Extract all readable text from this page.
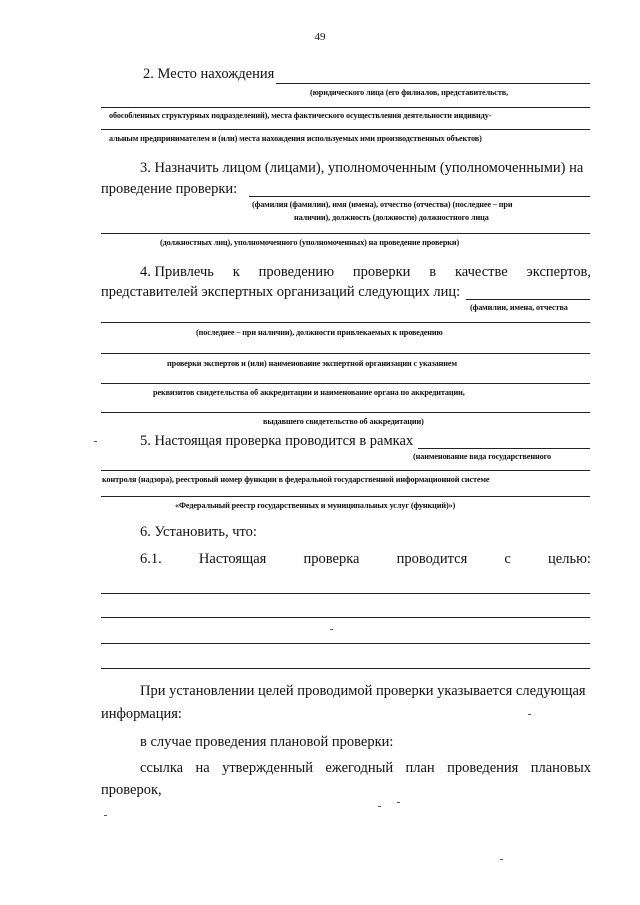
49
2. Место нахождения
(юридического лица (его филиалов, представительств,
обособленных структурных подразделений), места фактического осуществления деятельности индивиду-
альным предпринимателем и (или) места нахождения используемых ими производственных объектов)
3. Назначить лицом (лицами), уполномоченным (уполномоченными) на
проведение проверки:
(фамилия (фамилии), имя (имена), отчество (отчества) (последнее – при
наличии), должность (должности) должностного лица
(должностных лиц), уполномоченного (уполномоченных) на проведение проверки)
4. Привлечь к проведению проверки в качестве экспертов,
представителей экспертных организаций следующих лиц:
(фамилии, имена, отчества
(последнее – при наличии), должности привлекаемых к проведению
проверки экспертов и (или) наименование экспертной организации с указанием
реквизитов свидетельства об аккредитации и наименование органа по аккредитации,
выдавшего свидетельство об аккредитации)
5. Настоящая проверка проводится в рамках
(наименование вида государственного
контроля (надзора), реестровый номер функции в федеральной государственной информационной системе
«Федеральный реестр государственных и муниципальных услуг (функций)»)
6. Установить, что:
6.1.	Настоящая	проверка	проводится	с	целью:
При установлении целей проводимой проверки указывается следующая
информация:
в случае проведения плановой проверки:
ссылка на утвержденный ежегодный план проведения плановых
проверок,
